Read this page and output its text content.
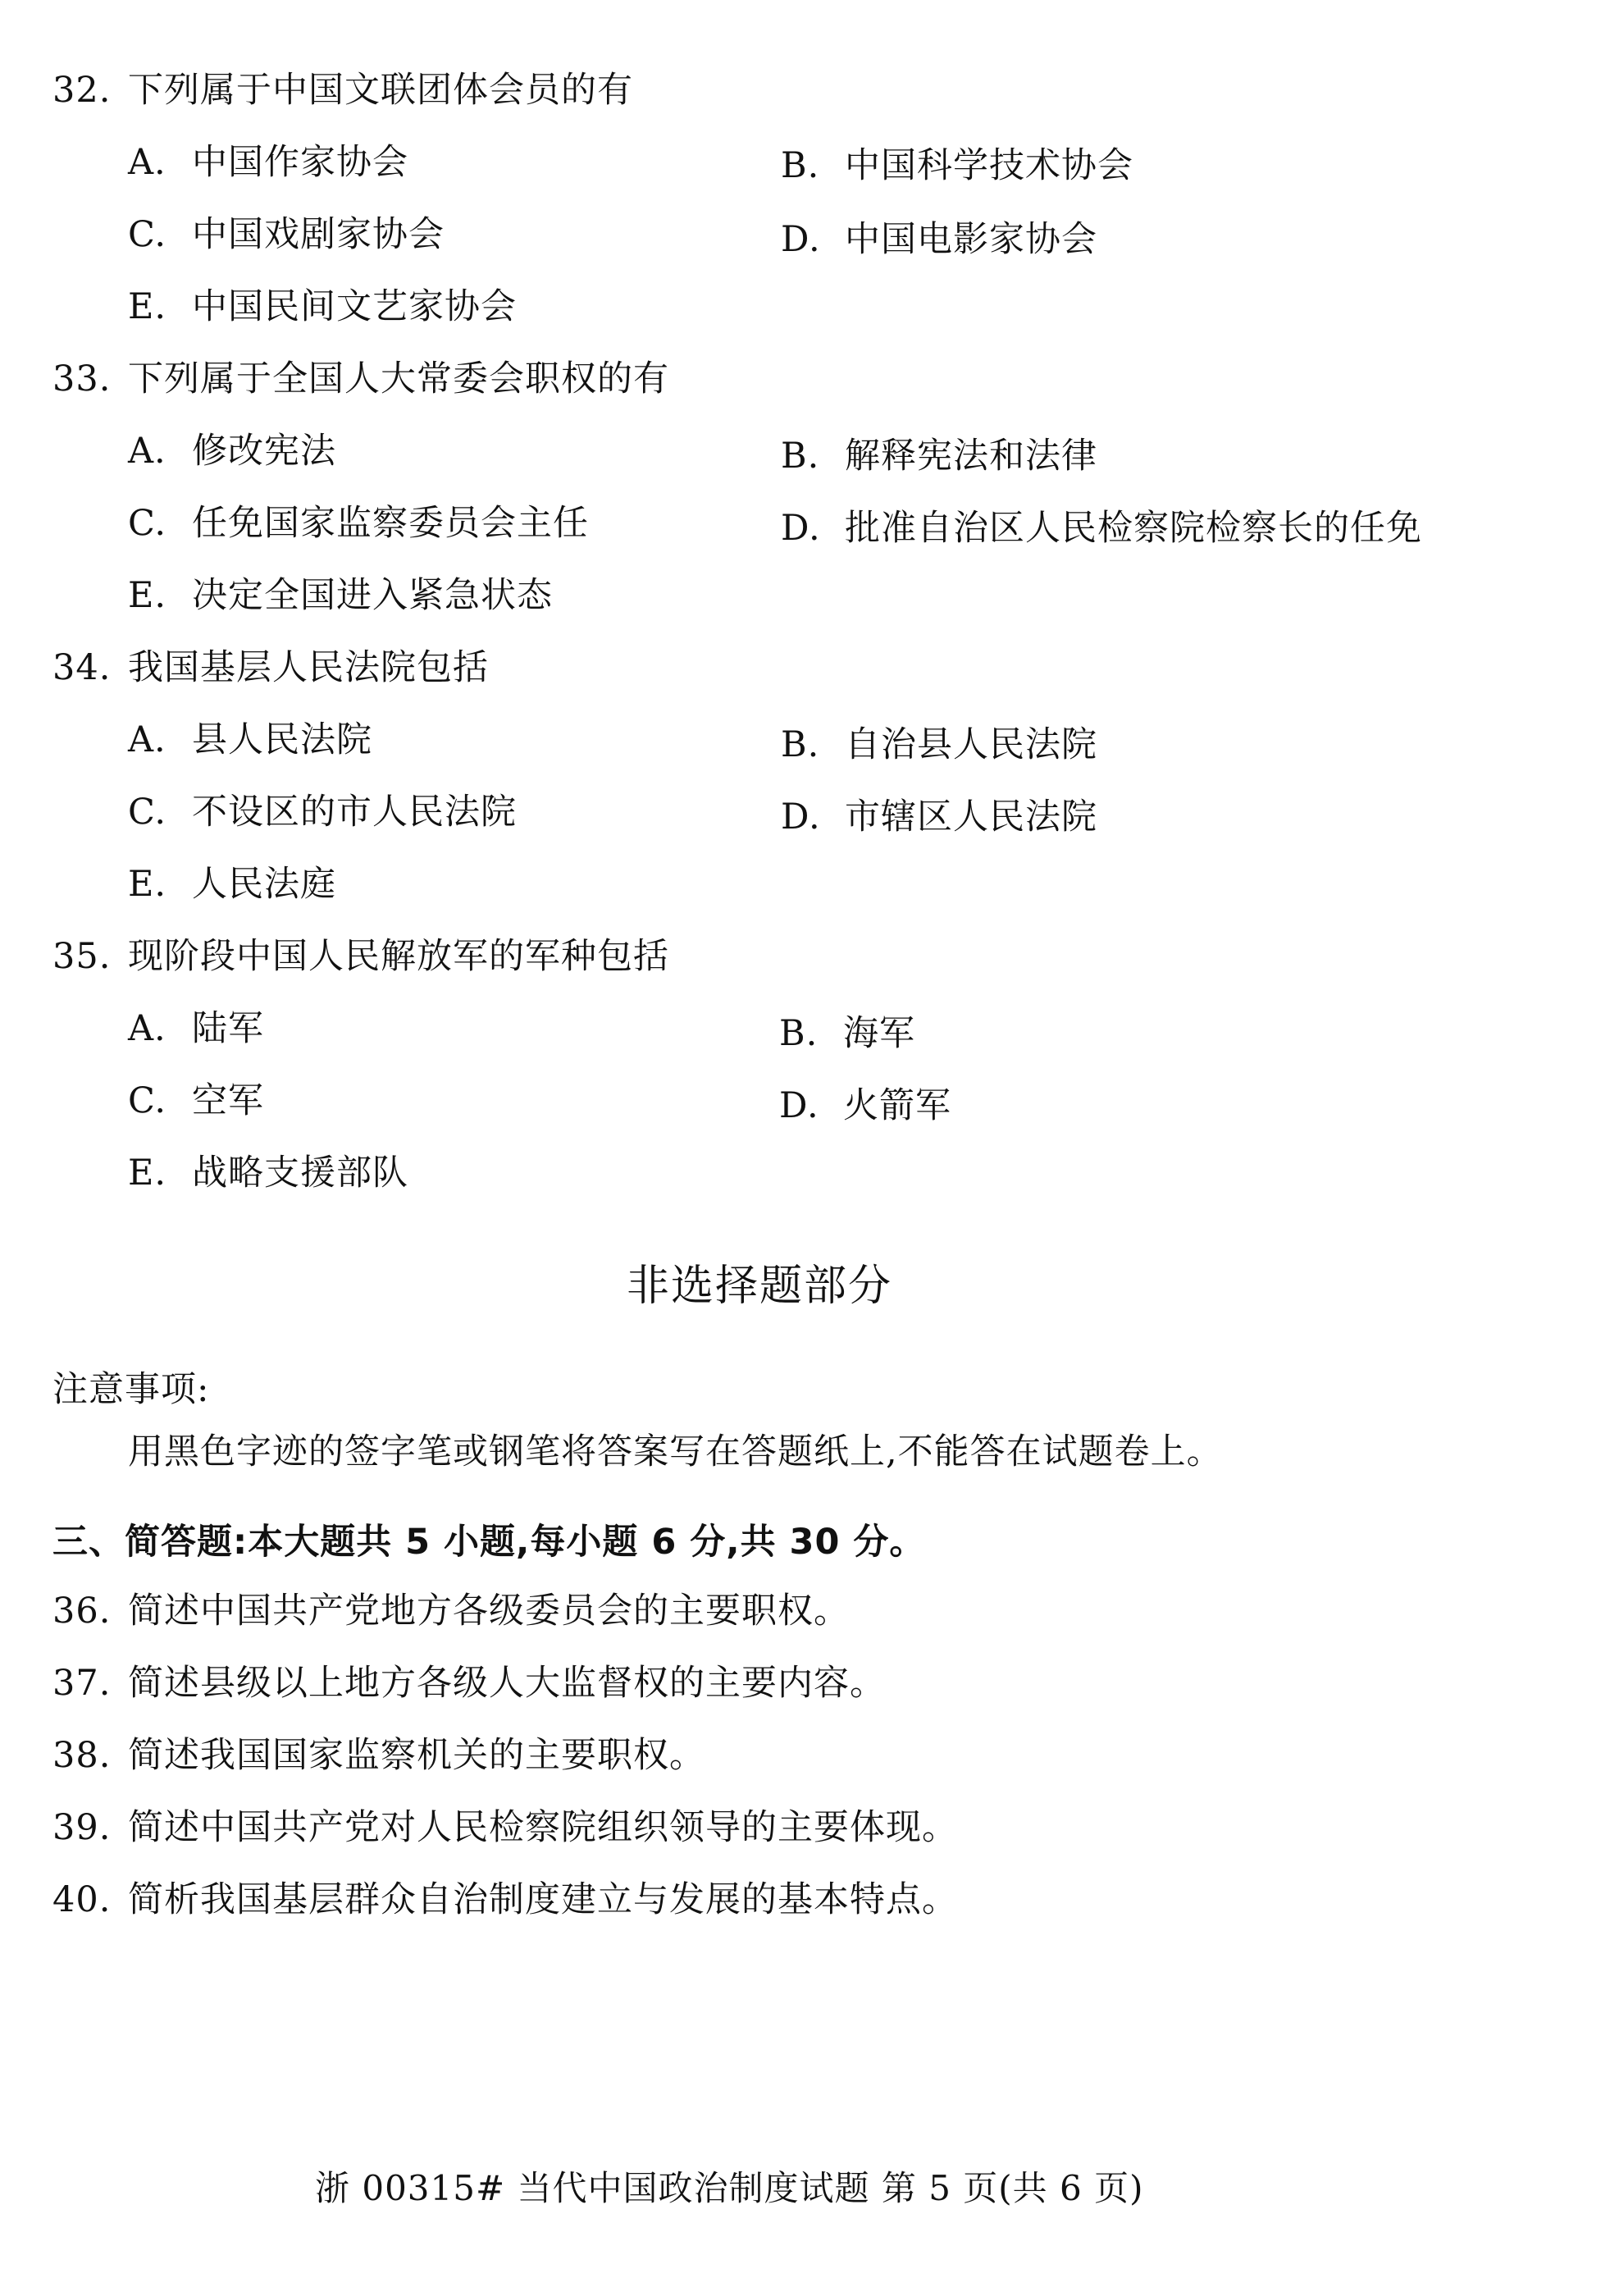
32. 下列属于中国文联团体会员的有
A. 中国作家协会	B. 中国科学技术协会
C. 中国戏剧家协会	D. 中国电影家协会
E. 中国民间文艺家协会
33. 下列属于全国人大常委会职权的有
A. 修改宪法	B. 解释宪法和法律
C. 任免国家监察委员会主任	D. 批准自治区人民检察院检察长的任免
E. 决定全国进入紧急状态
34. 我国基层人民法院包括
A. 县人民法院	B. 自治县人民法院
C. 不设区的市人民法院	D. 市辖区人民法院
E. 人民法庭
35. 现阶段中国人民解放军的军种包括
A. 陆军	B. 海军
C. 空军	D. 火箭军
E. 战略支援部队
非选择题部分
注意事项:
用黑色字迹的签字笔或钢笔将答案写在答题纸上,不能答在试题卷上。
三、简答题:本大题共 5 小题,每小题 6 分,共 30 分。
36. 简述中国共产党地方各级委员会的主要职权。
37. 简述县级以上地方各级人大监督权的主要内容。
38. 简述我国国家监察机关的主要职权。
39. 简述中国共产党对人民检察院组织领导的主要体现。
40. 简析我国基层群众自治制度建立与发展的基本特点。
浙 00315# 当代中国政治制度试题 第 5 页(共 6 页)
